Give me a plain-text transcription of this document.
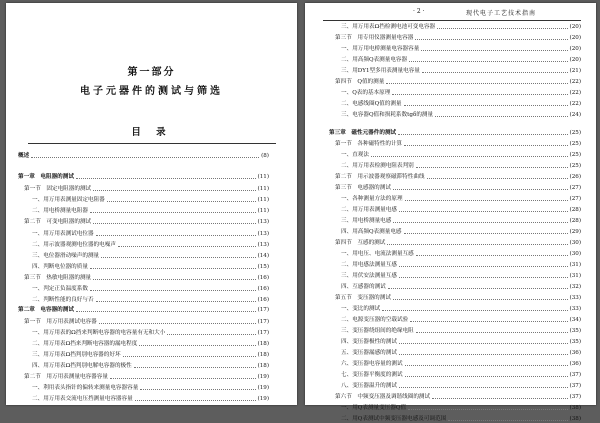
第一部分
电子元器件的测试与筛选
目 录
概述	(8)
第一章　电阻器的测试	(11)
第一节　固定电阻器的测试	(11)
一、用万用表测量固定电阻器	(11)
二、用电桥测量电阻器	(11)
第二节　可变电阻器的测试	(13)
一、用万用表测试电位器	(13)
二、用示波器观测电位器的电噪声	(13)
三、电位器滑动噪声的测量	(14)
四、判断电位器的质量	(15)
第三节　热敏电阻器的测量	(16)
一、判定正负温度系数	(16)
二、判断性能的良好与否	(16)
第二章　电容器的测试	(17)
第一节　用万用表测试电容器	(17)
一、用万用表的Ω挡来判断电容器的电容量有无和大小	(17)
二、用万用表Ω挡来判断电容器的漏电程度	(18)
三、用万用表Ω挡判别电容器的好坏	(18)
四、用万用表Ω挡判别电解电容器的极性	(18)
第二节　用万用表测量电容器容量	(19)
一、利用表头指针的偏转来测量电容器容量	(19)
二、用万用表交流电压挡测量电容器容量	(19)
· 2 ·	现代电子工艺技术指南
三、用万用表Ω挡检测电池可变电容器	(20)
第三节　用专用仪器测量电容器	(20)
一、用万用电桥测量电容器容量	(20)
二、用高频Q表测量电容器	(20)
三、用DY1型多用表测量电容量	(21)
第四节　Q值的测量	(22)
一、Q表的基本原理	(22)
二、电感线圈Q值的测量	(22)
三、电容器Q值和损耗系数tgδ的测量	(24)
第三章　磁性元器件的测试	(25)
第一节　各种磁特性的计算	(25)
一、直观法	(25)
二、用万用表检测电阻表判别	(25)
第二节　用示波器观察磁滞特性曲线	(26)
第三节　电感器的测试	(27)
一、各种测量方法的原理	(27)
二、用万用表测量电感	(28)
三、用电桥测量电感	(28)
四、用高频Q表测量电感	(29)
第四节　互感的测试	(30)
一、用电压、电流法测量互感	(30)
二、用电感法测量互感	(31)
三、用伏安法测量互感	(31)
四、互感器的测试	(32)
第五节　变压器的测试	(33)
一、变比的测试	(33)
二、电源变压器的空载试验	(34)
三、变压器绕组间的绝缘电阻	(35)
四、变压器极性的测试	(35)
五、变压器漏感的测试	(36)
六、变压器电容量的测试	(36)
七、变压器平衡度的测试	(37)
八、变压器温升的测试	(37)
第六节　中频变压器及调谐线圈的测试	(37)
一、用Q表测量变压器Q值	(38)
二、用Q表测试中频变压器电感及可调范围	(38)
